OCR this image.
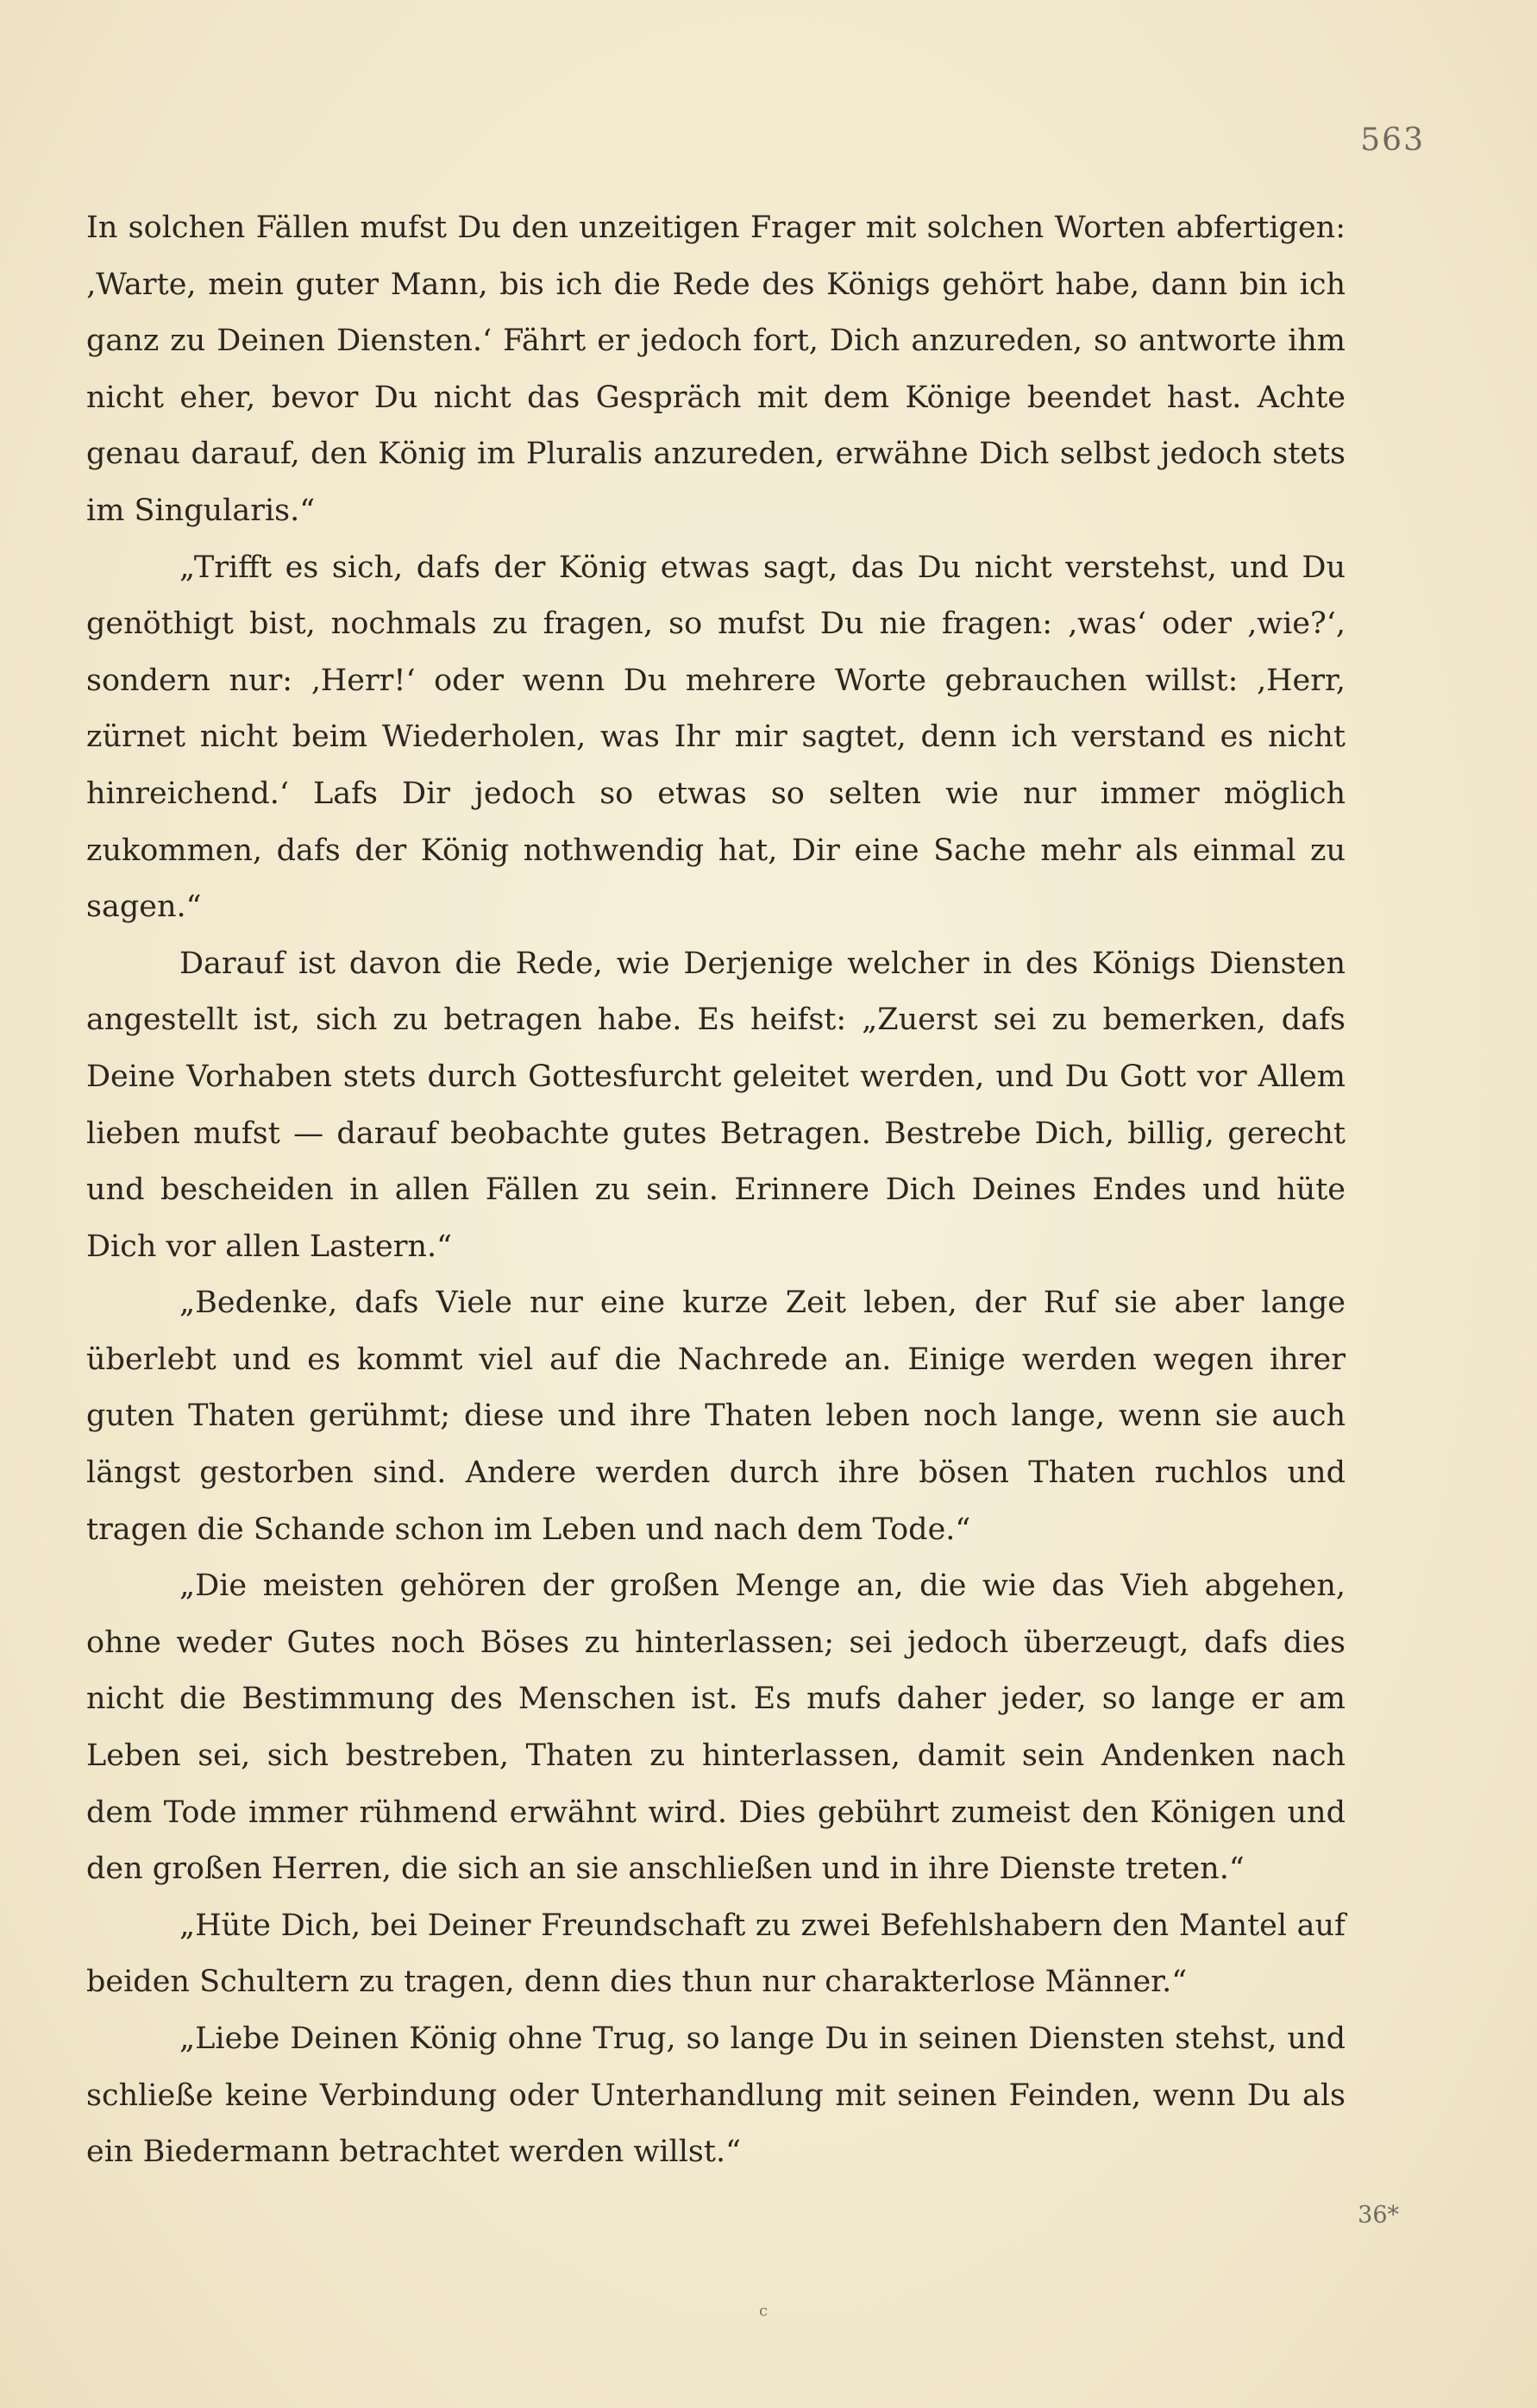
563

In solchen Fällen mufst Du den unzeitigen Frager mit solchen Worten abfertigen: ‚Warte, mein guter Mann, bis ich die Rede des Königs gehört habe, dann bin ich ganz zu Deinen Diensten.‘ Fährt er jedoch fort, Dich anzureden, so antworte ihm nicht eher, bevor Du nicht das Gespräch mit dem Könige beendet hast. Achte genau darauf, den König im Pluralis anzureden, erwähne Dich selbst jedoch stets im Singularis.“

„Trifft es sich, dafs der König etwas sagt, das Du nicht verstehst, und Du genöthigt bist, nochmals zu fragen, so mufst Du nie fragen: ‚was‘ oder ‚wie?‘, sondern nur: ‚Herr!‘ oder wenn Du mehrere Worte gebrauchen willst: ‚Herr, zürnet nicht beim Wiederholen, was Ihr mir sagtet, denn ich verstand es nicht hinreichend.‘ Lafs Dir jedoch so etwas so selten wie nur immer möglich zukommen, dafs der König nothwendig hat, Dir eine Sache mehr als einmal zu sagen.“

Darauf ist davon die Rede, wie Derjenige welcher in des Königs Diensten angestellt ist, sich zu betragen habe. Es heifst: „Zuerst sei zu bemerken, dafs Deine Vorhaben stets durch Gottesfurcht geleitet werden, und Du Gott vor Allem lieben mufst — darauf beobachte gutes Betragen. Bestrebe Dich, billig, gerecht und bescheiden in allen Fällen zu sein. Erinnere Dich Deines Endes und hüte Dich vor allen Lastern.“

„Bedenke, dafs Viele nur eine kurze Zeit leben, der Ruf sie aber lange überlebt und es kommt viel auf die Nachrede an. Einige werden wegen ihrer guten Thaten gerühmt; diese und ihre Thaten leben noch lange, wenn sie auch längst gestorben sind. Andere werden durch ihre bösen Thaten ruchlos und tragen die Schande schon im Leben und nach dem Tode.“

„Die meisten gehören der großen Menge an, die wie das Vieh abgehen, ohne weder Gutes noch Böses zu hinterlassen; sei jedoch überzeugt, dafs dies nicht die Bestimmung des Menschen ist. Es mufs daher jeder, so lange er am Leben sei, sich bestreben, Thaten zu hinterlassen, damit sein Andenken nach dem Tode immer rühmend erwähnt wird. Dies gebührt zumeist den Königen und den großen Herren, die sich an sie anschließen und in ihre Dienste treten.“

„Hüte Dich, bei Deiner Freundschaft zu zwei Befehlshabern den Mantel auf beiden Schultern zu tragen, denn dies thun nur charakterlose Männer.“

„Liebe Deinen König ohne Trug, so lange Du in seinen Diensten stehst, und schließe keine Verbindung oder Unterhandlung mit seinen Feinden, wenn Du als ein Biedermann betrachtet werden willst.“

36*
c
